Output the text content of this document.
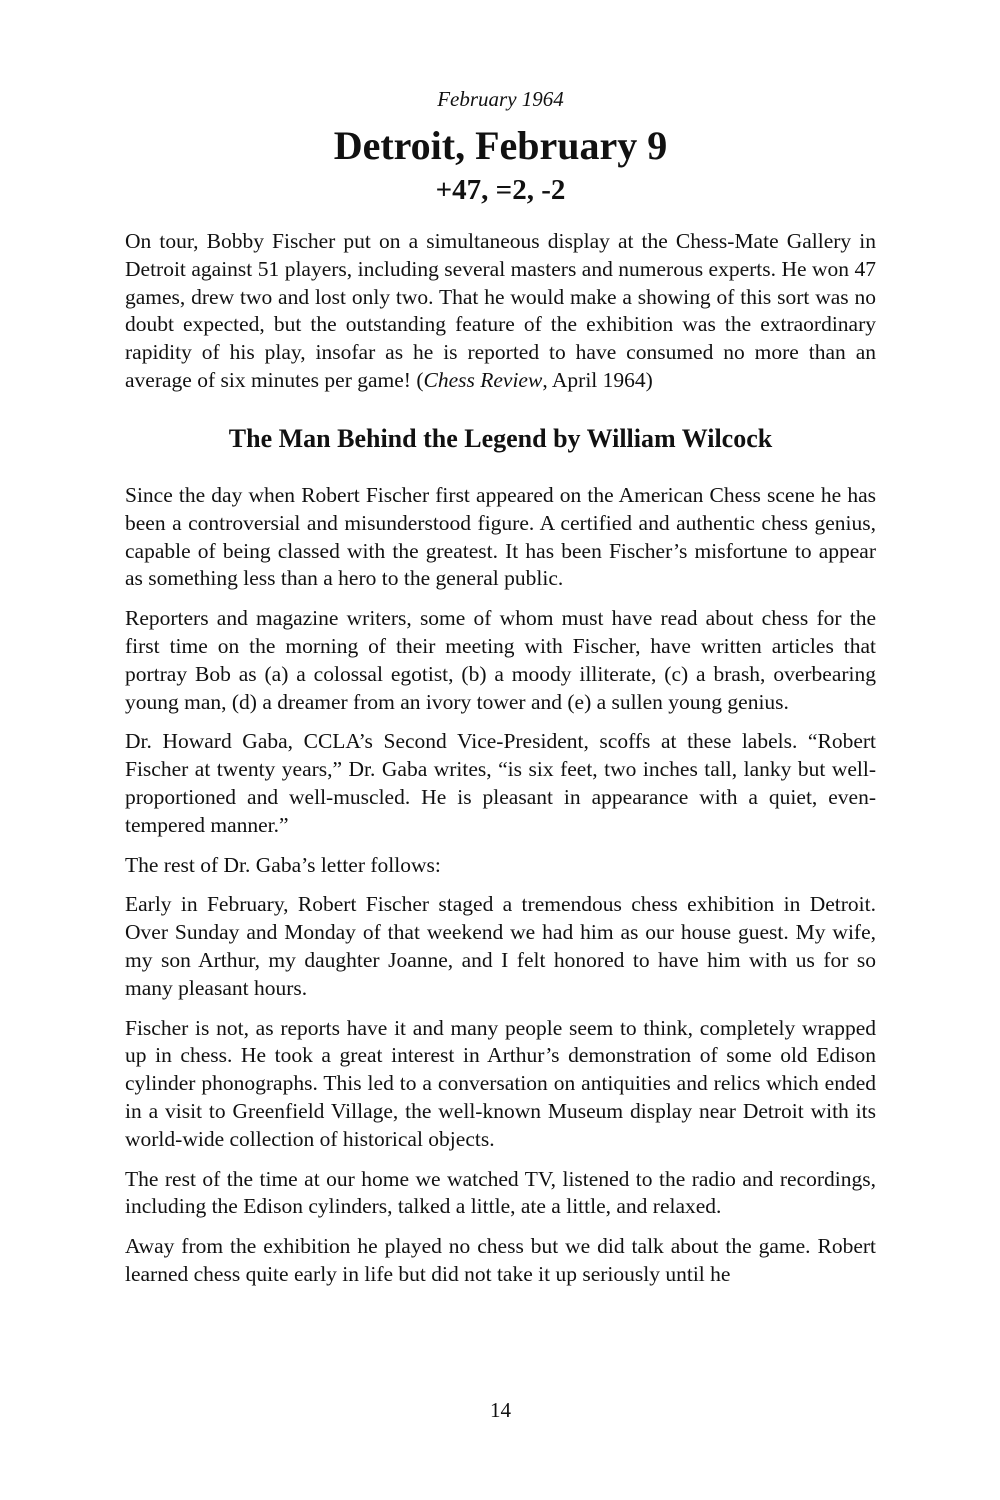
February 1964
Detroit, February 9
+47, =2, -2

On tour, Bobby Fischer put on a simultaneous display at the Chess-Mate Gallery in Detroit against 51 players, including several masters and numerous experts. He won 47 games, drew two and lost only two. That he would make a showing of this sort was no doubt expected, but the outstanding feature of the exhibition was the extraordinary rapidity of his play, insofar as he is reported to have consumed no more than an average of six minutes per game! (Chess Review, April 1964)

The Man Behind the Legend by William Wilcock

Since the day when Robert Fischer first appeared on the American Chess scene he has been a controversial and misunderstood figure. A certified and authentic chess genius, capable of being classed with the greatest. It has been Fischer’s misfortune to appear as something less than a hero to the general public.

Reporters and magazine writers, some of whom must have read about chess for the first time on the morning of their meeting with Fischer, have written articles that portray Bob as (a) a colossal egotist, (b) a moody illiterate, (c) a brash, overbearing young man, (d) a dreamer from an ivory tower and (e) a sullen young genius.

Dr. Howard Gaba, CCLA’s Second Vice-President, scoffs at these labels. “Robert Fischer at twenty years,” Dr. Gaba writes, “is six feet, two inches tall, lanky but well-proportioned and well-muscled. He is pleasant in appearance with a quiet, even-tempered manner.”

The rest of Dr. Gaba’s letter follows:

Early in February, Robert Fischer staged a tremendous chess exhibition in Detroit. Over Sunday and Monday of that weekend we had him as our house guest. My wife, my son Arthur, my daughter Joanne, and I felt honored to have him with us for so many pleasant hours.

Fischer is not, as reports have it and many people seem to think, completely wrapped up in chess. He took a great interest in Arthur’s demonstration of some old Edison cylinder phonographs. This led to a conversation on antiquities and relics which ended in a visit to Greenfield Village, the well-known Museum display near Detroit with its world-wide collection of historical objects.

The rest of the time at our home we watched TV, listened to the radio and recordings, including the Edison cylinders, talked a little, ate a little, and relaxed.

Away from the exhibition he played no chess but we did talk about the game. Robert learned chess quite early in life but did not take it up seriously until he

14
